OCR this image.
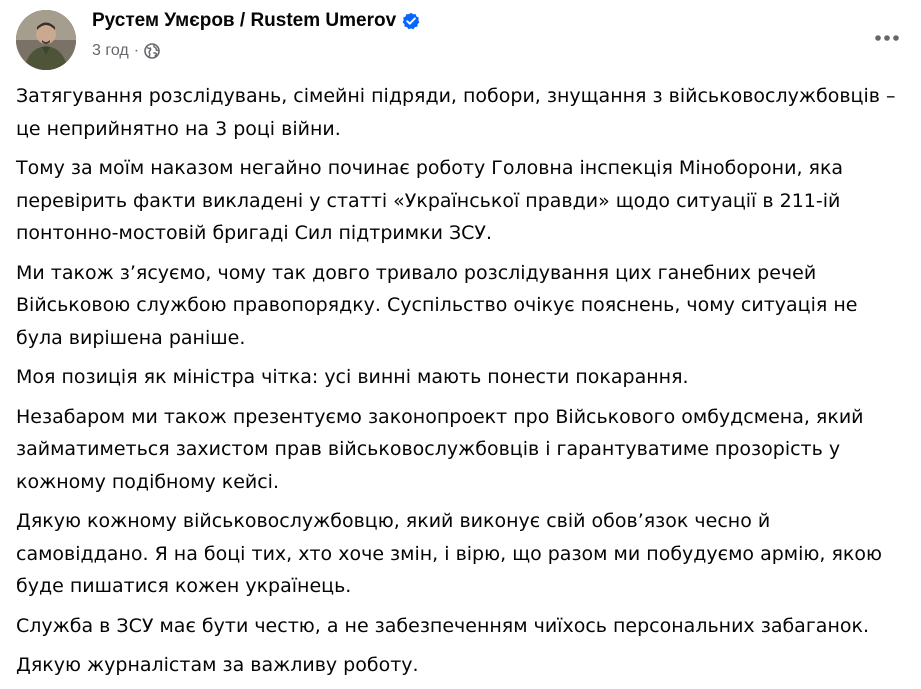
Рустем Умєров / Rustem Umerov
3 год ·

Затягування розслідувань, сімейні підряди, побори, знущання з військовослужбовців – це неприйнятно на 3 році війни.

Тому за моїм наказом негайно починає роботу Головна інспекція Міноборони, яка перевірить факти викладені у статті «Української правди» щодо ситуації в 211-ій понтонно-мостовій бригаді Сил підтримки ЗСУ.

Ми також з’ясуємо, чому так довго тривало розслідування цих ганебних речей Військовою службою правопорядку. Суспільство очікує пояснень, чому ситуація не була вирішена раніше.

Моя позиція як міністра чітка: усі винні мають понести покарання.

Незабаром ми також презентуємо законопроект про Військового омбудсмена, який займатиметься захистом прав військовослужбовців і гарантуватиме прозорість у кожному подібному кейсі.

Дякую кожному військовослужбовцю, який виконує свій обов’язок чесно й самовіддано. Я на боці тих, хто хоче змін, і вірю, що разом ми побудуємо армію, якою буде пишатися кожен українець.

Служба в ЗСУ має бути честю, а не забезпеченням чиїхось персональних забаганок.

Дякую журналістам за важливу роботу.
